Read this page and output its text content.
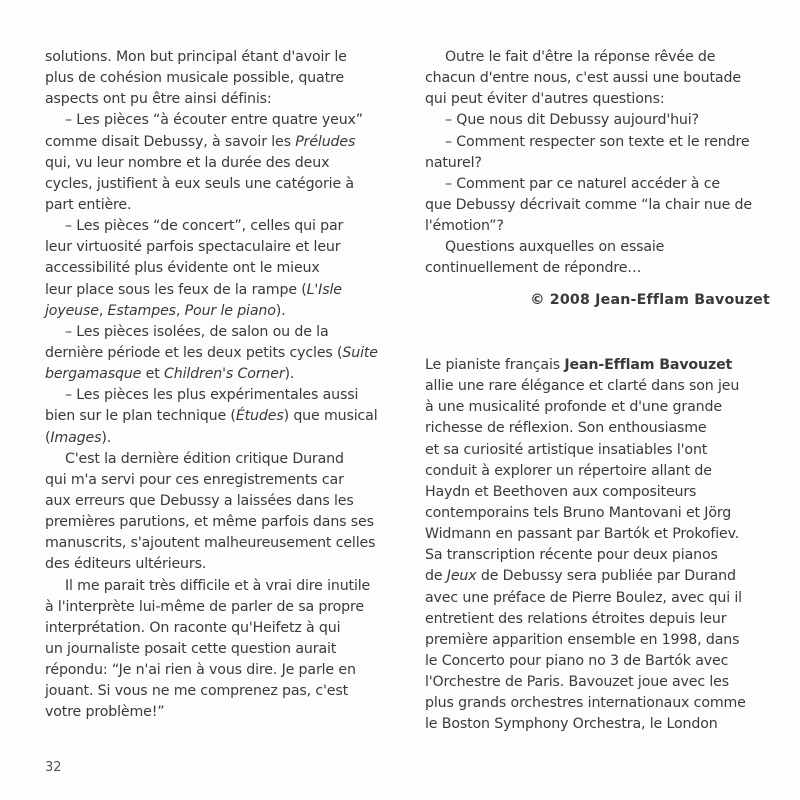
solutions. Mon but principal étant d'avoir le
plus de cohésion musicale possible, quatre
aspects ont pu être ainsi définis:
– Les pièces “à écouter entre quatre yeux”
comme disait Debussy, à savoir les Préludes
qui, vu leur nombre et la durée des deux
cycles, justifient à eux seuls une catégorie à
part entière.
– Les pièces “de concert”, celles qui par
leur virtuosité parfois spectaculaire et leur
accessibilité plus évidente ont le mieux
leur place sous les feux de la rampe (L'Isle
joyeuse, Estampes, Pour le piano).
– Les pièces isolées, de salon ou de la
dernière période et les deux petits cycles (Suite
bergamasque et Children's Corner).
– Les pièces les plus expérimentales aussi
bien sur le plan technique (Études) que musical
(Images).
C'est la dernière édition critique Durand
qui m'a servi pour ces enregistrements car
aux erreurs que Debussy a laissées dans les
premières parutions, et même parfois dans ses
manuscrits, s'ajoutent malheureusement celles
des éditeurs ultérieurs.
Il me parait très difficile et à vrai dire inutile
à l'interprète lui-même de parler de sa propre
interprétation. On raconte qu'Heifetz à qui
un journaliste posait cette question aurait
répondu: “Je n'ai rien à vous dire. Je parle en
jouant. Si vous ne me comprenez pas, c'est
votre problème!”
Outre le fait d'être la réponse rêvée de
chacun d'entre nous, c'est aussi une boutade
qui peut éviter d'autres questions:
– Que nous dit Debussy aujourd'hui?
– Comment respecter son texte et le rendre
naturel?
– Comment par ce naturel accéder à ce
que Debussy décrivait comme “la chair nue de
l'émotion”?
Questions auxquelles on essaie
continuellement de répondre…
© 2008 Jean-Efflam Bavouzet
Le pianiste français Jean-Efflam Bavouzet
allie une rare élégance et clarté dans son jeu
à une musicalité profonde et d'une grande
richesse de réflexion. Son enthousiasme
et sa curiosité artistique insatiables l'ont
conduit à explorer un répertoire allant de
Haydn et Beethoven aux compositeurs
contemporains tels Bruno Mantovani et Jörg
Widmann en passant par Bartók et Prokofiev.
Sa transcription récente pour deux pianos
de Jeux de Debussy sera publiée par Durand
avec une préface de Pierre Boulez, avec qui il
entretient des relations étroites depuis leur
première apparition ensemble en 1998, dans
le Concerto pour piano no 3 de Bartók avec
l'Orchestre de Paris. Bavouzet joue avec les
plus grands orchestres internationaux comme
le Boston Symphony Orchestra, le London
32
